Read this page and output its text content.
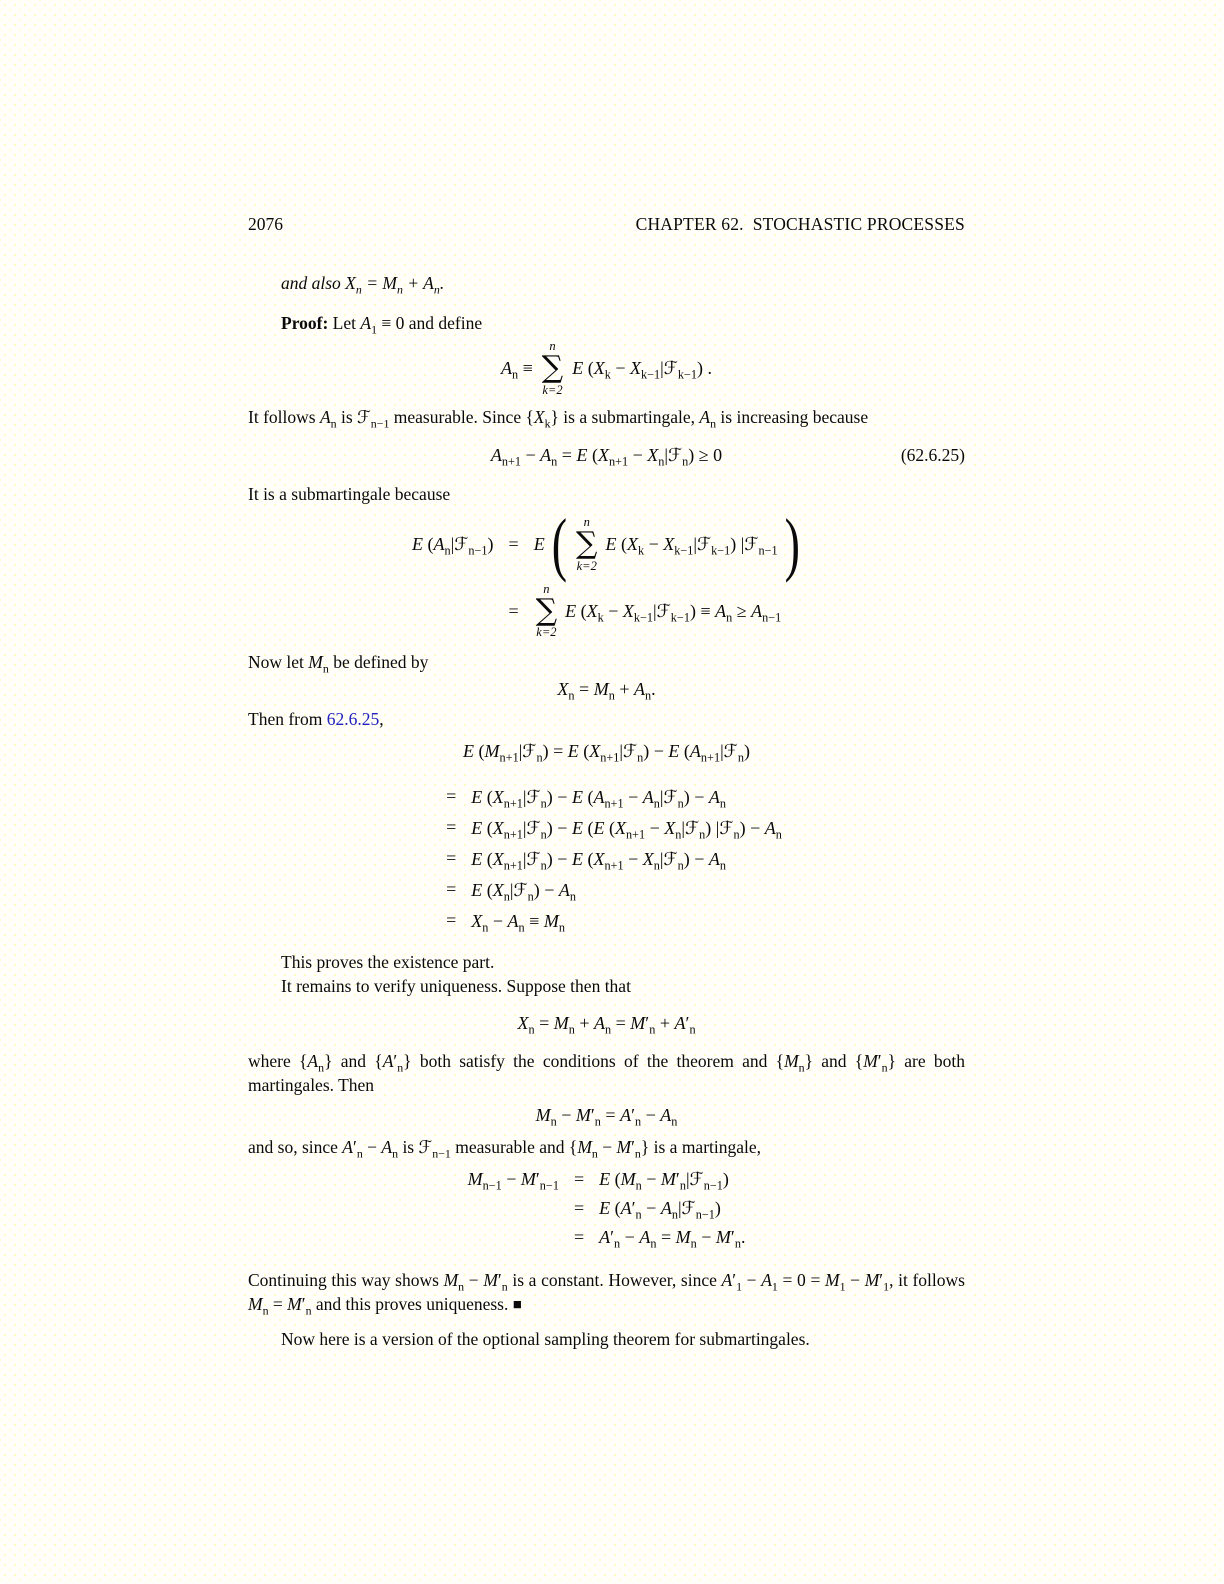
2076	CHAPTER 62. STOCHASTIC PROCESSES

and also $X_n = M_n + A_n$.

Proof: Let $A_1 \equiv 0$ and define

$A_n$ ≡
n
∑
k=2
E ($X_k$ − $X_{k-1}|ℱ_{k-1}$) .

It follows $A_n$ is ℱ$_{n-1}$ measurable. Since $\{X_k\}$ is a submartingale, $A_n$ is increasing because

$A_{n+1} - A_n = E$ ($X_{n+1}$ − $X_n|ℱ_n) \ge 0$	(62.6.25)

It is a submartingale because

E $(A_n|ℱ_{n-1}) = E$ ( n
∑
k=2
E ($X_k$ − $X_{k-1}|ℱ_{k-1}$) |ℱ$_{n-1}$ )
=
n
∑
k=2
E ($X_k$ − $X_{k-1}|ℱ_{k-1}) \equiv A_n \ge A_{n-1}$

Now let $M_n$ be defined by

$X_n = M_n + A_n$.

Then from 62.6.25,

E $(M_{n+1}|ℱ_n) = E$ $(X_{n+1}|ℱ_n) - E$ $(A_{n+1}|ℱ_n)$
= E $(X_{n+1}|ℱ_n) - E$ ($A_{n+1}$ − $A_n|ℱ_n) - A_n$
= E $(X_{n+1}|ℱ_n) - E$ (E ($X_{n+1}$ − $X_n|ℱ_n$) |ℱ$_n$) − $A_n$
= E $(X_{n+1}|ℱ_n) - E$ ($X_{n+1}$ − $X_n|ℱ_n) - A_n$
= E $(X_n|ℱ_n) - A_n$
= $X_n - A_n \equiv M_n$

This proves the existence part.

It remains to verify uniqueness. Suppose then that

$X_n = M_n + A_n = M'_n + A'_n$

where $\{A_n\}$ and $\{A'_n\}$ both satisfy the conditions of the theorem and $\{M_n\}$ and $\{M'_n\}$ are both martingales. Then

$M_n - M'_n = A'_n - A_n$

and so, since $A'_n - A_n$ is ℱ$_{n-1}$ measurable and $\{M_n - M'_n\}$ is a martingale,

$M_{n-1} - M'_{n-1} = E$ ($M_n$ − $M'_n|ℱ_{n-1}$)
= E ($A'_n$ − $A_n|ℱ_{n-1}$)
= $A'_n - A_n = M_n - M'_n$.

Continuing this way shows $M_n - M'_n$ is a constant. However, since $A'_1 - A_1 = 0 = M_1 - M'_1$, it follows $M_n = M'_n$ and this proves uniqueness. ■

Now here is a version of the optional sampling theorem for submartingales.
